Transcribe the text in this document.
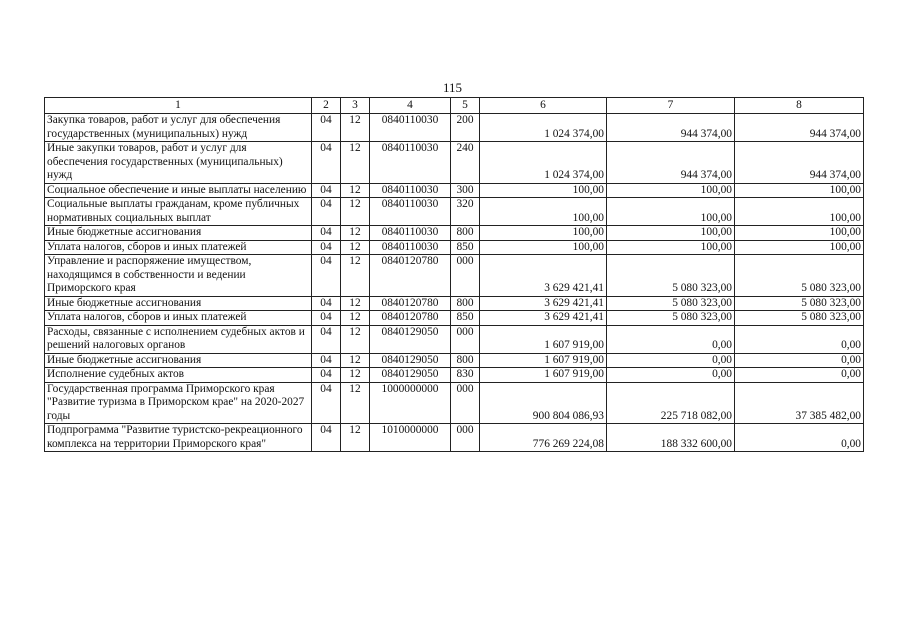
115
1	2	3	4	5	6	7	8
Закупка товаров, работ и услуг для обеспечения государственных (муниципальных) нужд	04	12	0840110030	200	1 024 374,00	944 374,00	944 374,00
Иные закупки товаров, работ и услуг для обеспечения государственных (муниципальных) нужд	04	12	0840110030	240	1 024 374,00	944 374,00	944 374,00
Социальное обеспечение и иные выплаты населению	04	12	0840110030	300	100,00	100,00	100,00
Социальные выплаты гражданам, кроме публичных нормативных социальных выплат	04	12	0840110030	320	100,00	100,00	100,00
Иные бюджетные ассигнования	04	12	0840110030	800	100,00	100,00	100,00
Уплата налогов, сборов и иных платежей	04	12	0840110030	850	100,00	100,00	100,00
Управление и распоряжение имуществом, находящимся в собственности и ведении Приморского края	04	12	0840120780	000	3 629 421,41	5 080 323,00	5 080 323,00
Иные бюджетные ассигнования	04	12	0840120780	800	3 629 421,41	5 080 323,00	5 080 323,00
Уплата налогов, сборов и иных платежей	04	12	0840120780	850	3 629 421,41	5 080 323,00	5 080 323,00
Расходы, связанные с исполнением судебных актов и решений налоговых органов	04	12	0840129050	000	1 607 919,00	0,00	0,00
Иные бюджетные ассигнования	04	12	0840129050	800	1 607 919,00	0,00	0,00
Исполнение судебных актов	04	12	0840129050	830	1 607 919,00	0,00	0,00
Государственная программа Приморского края "Развитие туризма в Приморском крае" на 2020-2027 годы	04	12	1000000000	000	900 804 086,93	225 718 082,00	37 385 482,00
Подпрограмма "Развитие туристско-рекреационного комплекса на территории Приморского края"	04	12	1010000000	000	776 269 224,08	188 332 600,00	0,00
